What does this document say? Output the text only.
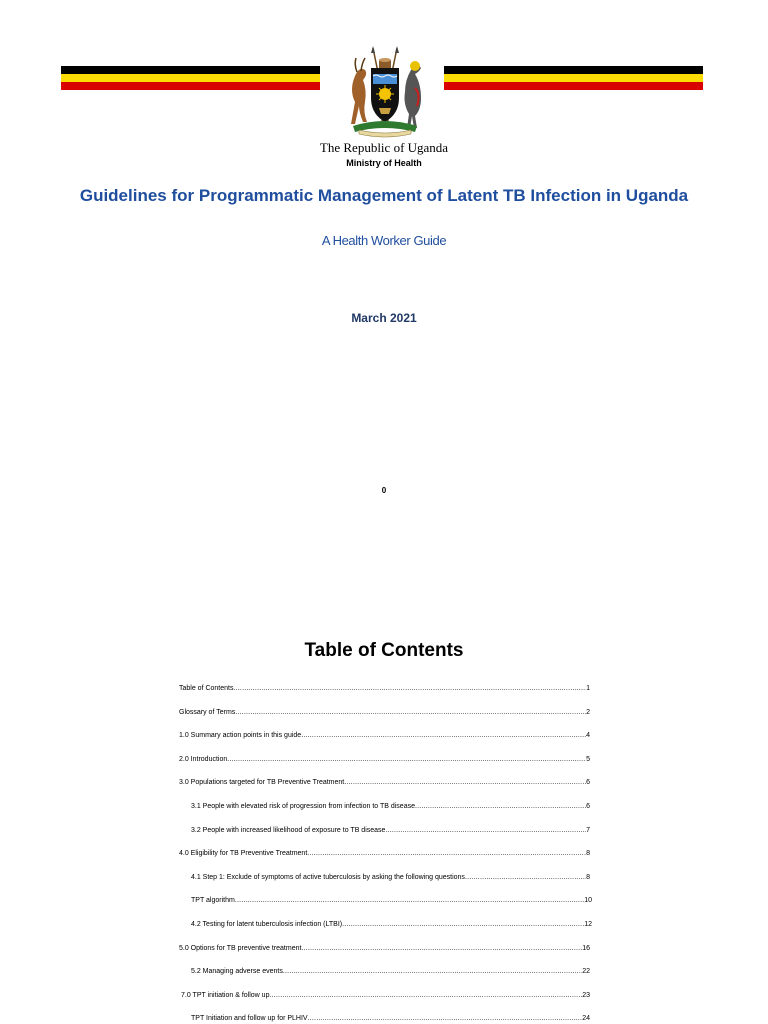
The Republic of Uganda
Ministry of Health
Guidelines for Programmatic Management of Latent TB Infection in Uganda
A Health Worker Guide
March 2021
0
Table of Contents
Table of Contents .....	1
Glossary of Terms .....	2
1.0 Summary action points in this guide .....	4
2.0 Introduction .....	5
3.0 Populations targeted for TB Preventive Treatment .....	6
3.1 People with elevated risk of progression from infection to TB disease .....	6
3.2 People with increased likelihood of exposure to TB disease .....	7
4.0 Eligibility for TB Preventive Treatment .....	8
4.1 Step 1: Exclude of symptoms of active tuberculosis by asking the following questions .....	8
TPT algorithm .....	10
4.2 Testing for latent tuberculosis infection (LTBI) .....	12
5.0 Options for TB preventive treatment .....	16
5.2 Managing adverse events .....	22
7.0 TPT initiation & follow up .....	23
TPT Initiation and follow up for PLHIV .....	24
